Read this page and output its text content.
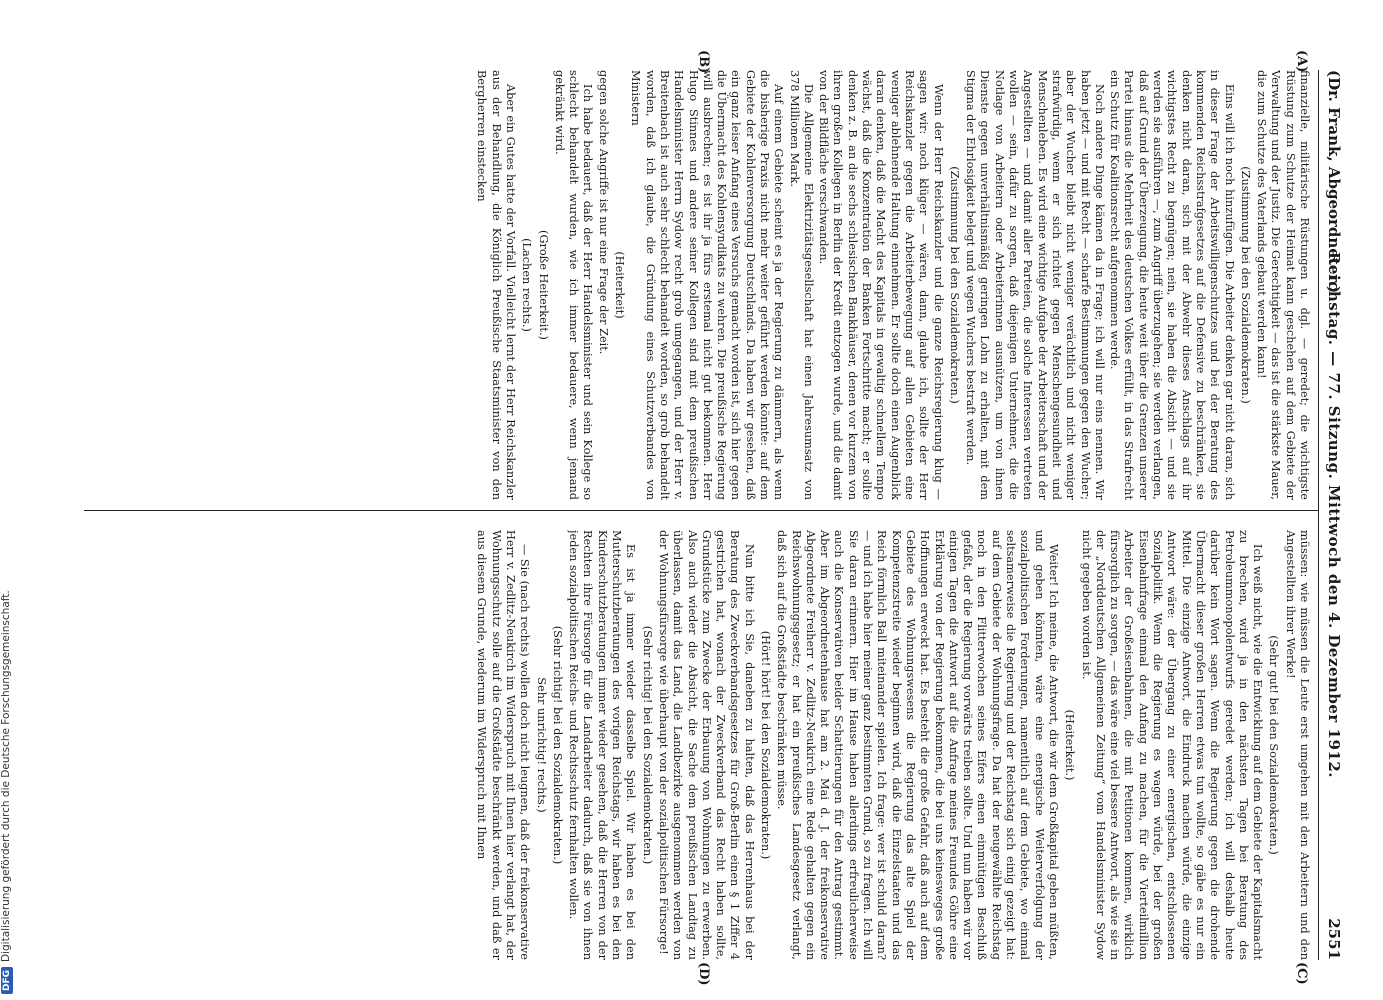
(Dr. Frank, Abgeordneter.)
Reichstag. — 77. Sitzung. Mittwoch den 4. Dezember 1912.
2551
(A)
(B)
(C)
(D)

finanzielle, militärische Rüstungen u. dgl. — geredet; die wichtigste Rüstung zum Schutze der Heimat kann geschehen auf dem Gebiete der Verwaltung und der Justiz. Die Gerechtigkeit — das ist die stärkste Mauer, die zum Schutze des Vaterlands gebaut werden kann!

(Zustimmung bei den Sozialdemokraten.)

Eins will ich noch hinzufügen. Die Arbeiter denken gar nicht daran, sich in dieser Frage der Arbeitswilligenschutzes und bei der Beratung des kommenden Reichsstrafgesetzes auf die Defensive zu beschränken, sie denken nicht daran, sich mit der Abwehr dieses Anschlags auf ihr wichtigstes Recht zu begnügen; nein, sie haben die Absicht — und sie werden sie ausführen —, zum Angriff überzugehen; sie werden verlangen, daß auf Grund der Überzeugung, die heute weit über die Grenzen unserer Partei hinaus die Mehrheit des deutschen Volkes erfüllt, in das Strafrecht ein Schutz für Koalitionsrecht aufgenommen werde.

Noch andere Dinge kämen da in Frage; ich will nur eins nennen. Wir haben jetzt — und mit Recht — scharfe Bestimmungen gegen den Wucher; aber der Wucher bleibt nicht weniger verächtlich und nicht weniger strafwürdig, wenn er sich richtet gegen Menschengesundheit und Menschenleben. Es wird eine wichtige Aufgabe der Arbeiterschaft und der Angestellten — und damit aller Parteien, die solche Interessen vertreten wollen — sein, dafür zu sorgen, daß diejenigen Unternehmer, die die Notlage von Arbeitern oder Arbeiterinnen ausnützen, um von ihnen Dienste gegen unverhältnismäßig geringen Lohn zu erhalten, mit dem Stigma der Ehrlosigkeit belegt und wegen Wuchers bestraft werden.

(Zustimmung bei den Sozialdemokraten.)

Wenn der Herr Reichskanzler und die ganze Reichsregierung klug — sagen wir: noch klüger — wären, dann, glaube ich, sollte der Herr Reichskanzler gegen die Arbeiterbewegung auf allen Gebieten eine weniger ablehnende Haltung einnehmen. Er sollte doch einen Augenblick daran denken, daß die Macht des Kapitals in gewaltig schnellem Tempo wächst, daß die Konzentration der Banken Fortschritte macht; er sollte denken z. B. an die sechs schlesischen Bankhäuser, denen vor kurzem von ihren großen Kollegen in Berlin der Kredit entzogen wurde, und die damit von der Bildfläche verschwanden.

Die Allgemeine Elektrizitätsgesellschaft hat einen Jahresumsatz von 378 Millionen Mark.

Auf einem Gebiete scheint es ja der Regierung zu dämmern, als wenn die bisherige Praxis nicht mehr weiter geführt werden könnte: auf dem Gebiete der Kohlenversorgung Deutschlands. Da haben wir gesehen, daß ein ganz leiser Anfang eines Versuchs gemacht worden ist, sich hier gegen die Übermacht des Kohlensyndikats zu wehren. Die preußische Regierung will ausbrechen; es ist ihr ja fürs erstemal nicht gut bekommen. Herr Hugo Stinnes und andere seiner Kollegen sind mit dem preußischen Handelsminister Herrn Sydow recht grob umgegangen, und der Herr v. Breitenbach ist auch sehr schlecht behandelt worden, so grob behandelt worden, daß ich glaube, die Gründung eines Schutzverbandes von Ministern

(Heiterkeit)

gegen solche Angriffe ist nur eine Frage der Zeit.

Ich habe bedauert, daß der Herr Handelsminister und sein Kollege so schlecht behandelt wurden, wie ich immer bedauere, wenn jemand gekränkt wird.

(Große Heiterkeit.)

(Lachen rechts.)

Aber ein Gutes hatte der Vorfall. Vielleicht lernt der Herr Reichskanzler aus der Behandlung, die Königlich Preußische Staatsminister von den Bergherren einstecken

müssen: wie müssen die Leute erst umgehen mit den Arbeitern und den Angestellten ihrer Werke!

(Sehr gut! bei den Sozialdemokraten.)

Ich weiß nicht, wie die Entwicklung auf dem Gebiete der Kapitalsmacht zu brechen, wird ja in den nächsten Tagen bei Beratung des Petroleummonopolentwurfs geredet werden; ich will deshalb heute darüber kein Wort sagen. Wenn die Regierung gegen die drohende Übermacht dieser großen Herren etwas tun wollte, so gäbe es nur ein Mittel. Die einzige Antwort, die Eindruck machen würde, die einzige Antwort wäre: der Übergang zu einer energischen, entschlossenen Sozialpolitik. Wenn die Regierung es wagen würde, bei der großen Eisenbahnfrage einmal den Anfang zu machen, für die Vierteilmillion Arbeiter der Großeisenbahnen, die mit Petitionen kommen, wirklich fürsorglich zu sorgen, — das wäre eine viel bessere Antwort, als wie sie in der „Norddeutschen Allgemeinen Zeitung“ vom Handelsminister Sydow nicht gegeben worden ist.

(Heiterkeit.)

Weiter! Ich meine, die Antwort, die wir dem Großkapital geben müßten, und geben könnten, wäre eine energische Weiterverfolgung der sozialpolitischen Forderungen, namentlich auf dem Gebiete, wo einmal seltsamerweise die Regierung und der Reichstag sich einig gezeigt hat: auf dem Gebiete der Wohnungsfrage. Da hat der neugewählte Reichstag noch in den Flitterwochen seines Eifers einen einmütigen Beschluß gefaßt, der die Regierung vorwärts treiben sollte. Und nun haben wir vor einigen Tagen die Antwort auf die Anfrage meines Freundes Göhre eine Erklärung von der Regierung bekommen, die bei uns keinesweges große Hoffnungen erweckt hat. Es besteht die große Gefahr, daß auch auf dem Gebiete des Wohnungswesens die Regierung das alte Spiel der Kompetenzstreite wieder beginnen wird, daß die Einzelstaaten und das Reich förmlich Ball miteinander spielen. Ich frage: wer ist schuld daran? — und ich habe hier meiner ganz bestimmten Grund, so zu fragen. Ich will Sie daran erinnern. Hier im Hause haben allerdings erfreulicherweise auch die Konservativen beider Schattierungen für den Antrag gestimmt. Aber im Abgeordnetenhause hat am 2. Mai d. J. der freikonservative Abgeordnete Freiherr v. Zedlitz-Neukirch eine Rede gehalten gegen ein Reichswohnungsgesetz; er hat ein preußisches Landesgesetz verlangt, daß sich auf die Großstädte beschränken müsse.

(Hört! hört! bei den Sozialdemokraten.)

Nun bitte ich Sie, daneben zu halten, daß das Herrenhaus bei der Beratung des Zweckverbandsgesetzes für Groß-Berlin einen § 1 Ziffer 4 gestrichen hat, wonach der Zweckverband das Recht haben sollte, Grundstücke zum Zwecke der Erbauung von Wohnungen zu erwerben. Also auch wieder die Absicht, die Sache dem preußischen Landtag zu überlassen, damit das Land, die Landbezirke ausgenommen werden von der Wohnungsfürsorge wie überhaupt von der sozialpolitischen Fürsorge!

(Sehr richtig! bei den Sozialdemokraten.)

Es ist ja immer wieder dasselbe Spiel. Wir haben es bei den Mutterschutzberatungen des vorigen Reichstags, wir haben es bei den Kinderschutzberatungen immer wieder gesehen, daß die Herren von der Rechten ihre Fürsorge für die Landarbeiter dadurch, daß sie von ihnen jeden sozialpolitischen Reichs- und Rechtsschutz fernhalten wollen.

(Sehr richtig! bei den Sozialdemokraten.)

Sehr unrichtig! rechts.)

— Sie (nach rechts) wollen doch nicht leugnen, daß der freikonservative Herr v. Zedlitz-Neukirch im Widerspruch mit Ihnen hier verlangt hat, der Wohnungsschutz solle auf die Großstädte beschränkt werden, und daß er aus diesem Grunde, wiederum im Widerspruch mit Ihnen

DFGDigitalisierung gefördert durch die Deutsche Forschungsgemeinschaft.
